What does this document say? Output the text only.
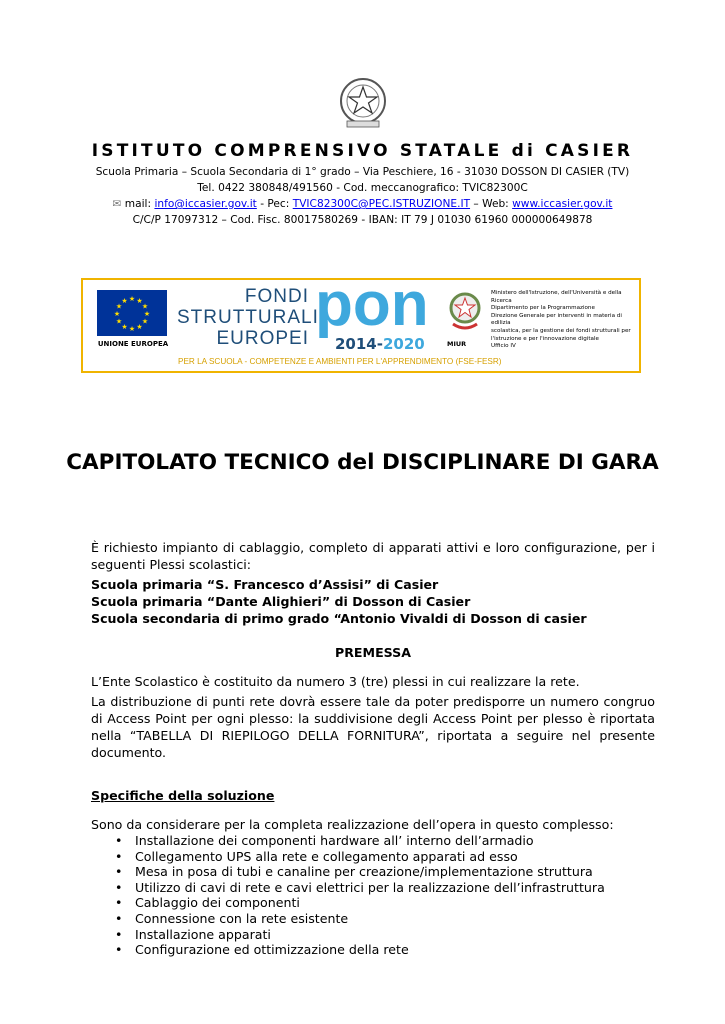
ISTITUTO COMPRENSIVO STATALE di CASIER
Scuola Primaria – Scuola Secondaria di 1° grado – Via Peschiere, 16 - 31030 DOSSON DI CASIER (TV)
Tel. 0422 380848/491560 - Cod. meccanografico: TVIC82300C
✉ mail: info@iccasier.gov.it - Pec: TVIC82300C@PEC.ISTRUZIONE.IT – Web: www.iccasier.gov.it
C/C/P 17097312 – Cod. Fisc. 80017580269 - IBAN: IT 79 J 01030 61960 000000649878
★ ★
★
★
★
★
★
★
★
★
★
★
UNIONE EUROPEA
FONDI
STRUTTURALI
EUROPEI pon
2014-2020	MIUR
Ministero dell'Istruzione, dell'Università e della Ricerca
Dipartimento per la Programmazione
Direzione Generale per interventi in materia di edilizia
scolastica, per la gestione dei fondi strutturali per
l'istruzione e per l'innovazione digitale
Ufficio IV
PER LA SCUOLA - COMPETENZE E AMBIENTI PER L'APPRENDIMENTO (FSE-FESR)
CAPITOLATO TECNICO del DISCIPLINARE DI GARA
È richiesto impianto di cablaggio, completo di apparati attivi e loro configurazione, per i seguenti Plessi scolastici:
Scuola primaria “S. Francesco d’Assisi” di Casier
Scuola primaria “Dante Alighieri” di Dosson di Casier
Scuola secondaria di primo grado “Antonio Vivaldi di Dosson di casier
PREMESSA
L’Ente Scolastico è costituito da numero 3 (tre) plessi in cui realizzare la rete.
La distribuzione di punti rete dovrà essere tale da poter predisporre un numero congruo di Access Point per ogni plesso: la suddivisione degli Access Point per plesso è riportata nella “TABELLA DI RIEPILOGO DELLA FORNITURA”, riportata a seguire nel presente documento.
Specifiche della soluzione
Sono da considerare per la completa realizzazione dell’opera in questo complesso:
• Installazione dei componenti hardware all’ interno dell’armadio
• Collegamento UPS alla rete e collegamento apparati ad esso
• Mesa in posa di tubi e canaline per creazione/implementazione struttura
• Utilizzo di cavi di rete e cavi elettrici per la realizzazione dell’infrastruttura
• Cablaggio dei componenti
• Connessione con la rete esistente
• Installazione apparati
• Configurazione ed ottimizzazione della rete
